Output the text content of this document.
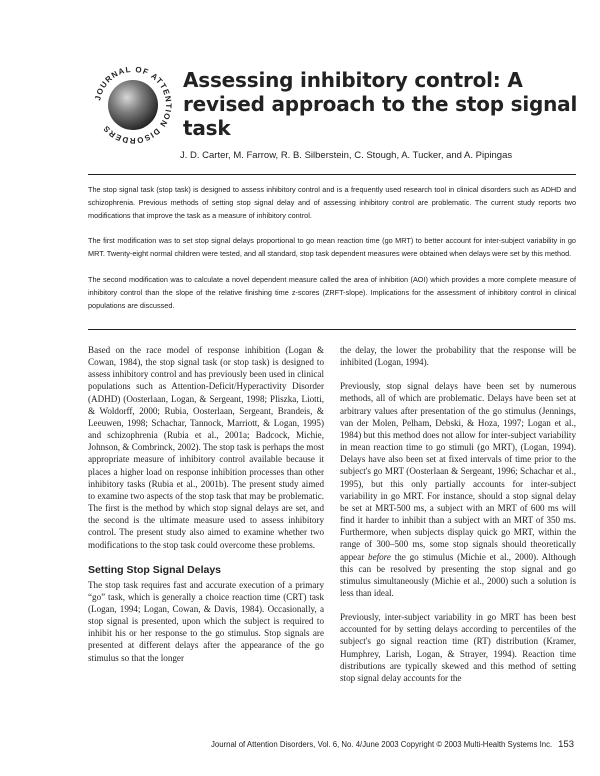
JOURNAL OF ATTENTION DISORDERS
Assessing inhibitory control: A revised approach to the stop signal task

J. D. Carter, M. Farrow, R. B. Silberstein, C. Stough, A. Tucker, and A. Pipingas

The stop signal task (stop task) is designed to assess inhibitory control and is a frequently used research tool in clinical disorders such as ADHD and schizophrenia. Previous methods of setting stop signal delay and of assessing inhibitory control are problematic. The current study reports two modifications that improve the task as a measure of inhibitory control.

The first modification was to set stop signal delays proportional to go mean reaction time (go MRT) to better account for inter-subject variability in go MRT. Twenty-eight normal children were tested, and all standard, stop task dependent measures were obtained when delays were set by this method.

The second modification was to calculate a novel dependent measure called the area of inhibition (AOI) which provides a more complete measure of inhibitory control than the slope of the relative finishing time z-scores (ZRFT-slope). Implications for the assessment of inhibitory control in clinical populations are discussed.

Based on the race model of response inhibition (Logan & Cowan, 1984), the stop signal task (or stop task) is designed to assess inhibitory control and has previously been used in clinical populations such as Attention-Deficit/Hyperactivity Disorder (ADHD) (Oosterlaan, Logan, & Sergeant, 1998; Pliszka, Liotti, & Woldorff, 2000; Rubia, Oosterlaan, Sergeant, Brandeis, & Leeuwen, 1998; Schachar, Tannock, Marriott, & Logan, 1995) and schizophrenia (Rubia et al., 2001a; Badcock, Michie, Johnson, & Combrinck, 2002). The stop task is perhaps the most appropriate measure of inhibitory control available because it places a higher load on response inhibition processes than other inhibitory tasks (Rubia et al., 2001b). The present study aimed to examine two aspects of the stop task that may be problematic. The first is the method by which stop signal delays are set, and the second is the ultimate measure used to assess inhibitory control. The present study also aimed to examine whether two modifications to the stop task could overcome these problems.

Setting Stop Signal Delays

The stop task requires fast and accurate execution of a primary “go” task, which is generally a choice reaction time (CRT) task (Logan, 1994; Logan, Cowan, & Davis, 1984). Occasionally, a stop signal is presented, upon which the subject is required to inhibit his or her response to the go stimulus. Stop signals are presented at different delays after the appearance of the go stimulus so that the longer

the delay, the lower the probability that the response will be inhibited (Logan, 1994).

Previously, stop signal delays have been set by numerous methods, all of which are problematic. Delays have been set at arbitrary values after presentation of the go stimulus (Jennings, van der Molen, Pelham, Debski, & Hoza, 1997; Logan et al., 1984) but this method does not allow for inter-subject variability in mean reaction time to go stimuli (go MRT), (Logan, 1994). Delays have also been set at fixed intervals of time prior to the subject's go MRT (Oosterlaan & Sergeant, 1996; Schachar et al., 1995), but this only partially accounts for inter-subject variability in go MRT. For instance, should a stop signal delay be set at MRT-500 ms, a subject with an MRT of 600 ms will find it harder to inhibit than a subject with an MRT of 350 ms. Furthermore, when subjects display quick go MRT, within the range of 300–500 ms, some stop signals should theoretically appear before the go stimulus (Michie et al., 2000). Although this can be resolved by presenting the stop signal and go stimulus simultaneously (Michie et al., 2000) such a solution is less than ideal.

Previously, inter-subject variability in go MRT has been best accounted for by setting delays according to percentiles of the subject's go signal reaction time (RT) distribution (Kramer, Humphrey, Larish, Logan, & Strayer, 1994). Reaction time distributions are typically skewed and this method of setting stop signal delay accounts for the

Journal of Attention Disorders, Vol. 6, No. 4/June 2003 Copyright © 2003 Multi-Health Systems Inc. 153
